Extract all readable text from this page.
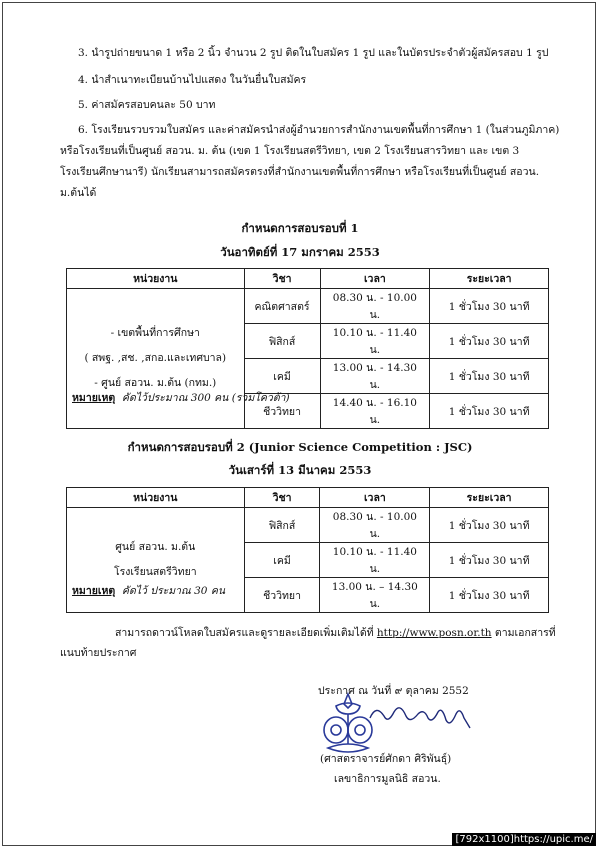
3. นำรูปถ่ายขนาด 1 หรือ 2 นิ้ว จำนวน 2 รูป ติดในใบสมัคร 1 รูป และในบัตรประจำตัวผู้สมัครสอบ 1 รูป
4. นำสำเนาทะเบียนบ้านไปแสดง ในวันยื่นใบสมัคร
5. ค่าสมัครสอบคนละ 50 บาท
6. โรงเรียนรวบรวมใบสมัคร และค่าสมัครนำส่งผู้อำนวยการสำนักงานเขตพื้นที่การศึกษา 1 (ในส่วนภูมิภาค)
หรือโรงเรียนที่เป็นศูนย์ สอวน. ม. ต้น (เขต 1 โรงเรียนสตรีวิทยา, เขต 2 โรงเรียนสารวิทยา และ เขต 3
โรงเรียนศึกษานารี) นักเรียนสามารถสมัครตรงที่สำนักงานเขตพื้นที่การศึกษา หรือโรงเรียนที่เป็นศูนย์ สอวน.
ม.ต้นได้
กำหนดการสอบรอบที่ 1
วันอาทิตย์ที่ 17 มกราคม 2553
หน่วยงาน	วิชา	เวลา	ระยะเวลา

- เขตพื้นที่การศึกษา
( สพฐ. ,สช. ,สกอ.และเทศบาล)
- ศูนย์ สอวน. ม.ต้น (กทม.)	คณิตศาสตร์	08.30 น. - 10.00 น.	1 ชั่วโมง 30 นาที
	ฟิสิกส์	10.10 น. - 11.40 น.	1 ชั่วโมง 30 นาที
	เคมี	13.00 น. - 14.30 น.	1 ชั่วโมง 30 นาที
	ชีววิทยา	14.40 น. - 16.10 น.	1 ชั่วโมง 30 นาที
หมายเหตุ คัดไว้ประมาณ 300 คน (รวมโควต้า)
กำหนดการสอบรอบที่ 2 (Junior Science Competition : JSC)
วันเสาร์ที่ 13 มีนาคม 2553
หน่วยงาน	วิชา	เวลา	ระยะเวลา

ศูนย์ สอวน. ม.ต้น
โรงเรียนสตรีวิทยา	ฟิสิกส์	08.30 น. - 10.00 น.	1 ชั่วโมง 30 นาที
	เคมี	10.10 น. - 11.40 น.	1 ชั่วโมง 30 นาที
	ชีววิทยา	13.00 น. – 14.30 น.	1 ชั่วโมง 30 นาที
หมายเหตุ คัดไว้ ประมาณ 30 คน
สามารถดาวน์โหลดใบสมัครและดูรายละเอียดเพิ่มเติมได้ที่ http://www.posn.or.th ตามเอกสารที่
แนบท้ายประกาศ
ประกาศ ณ วันที่ ๙ ตุลาคม 2552
(ศาสตราจารย์ศักดา ศิริพันธุ์)
เลขาธิการมูลนิธิ สอวน.
[792x1100]https://upic.me/
